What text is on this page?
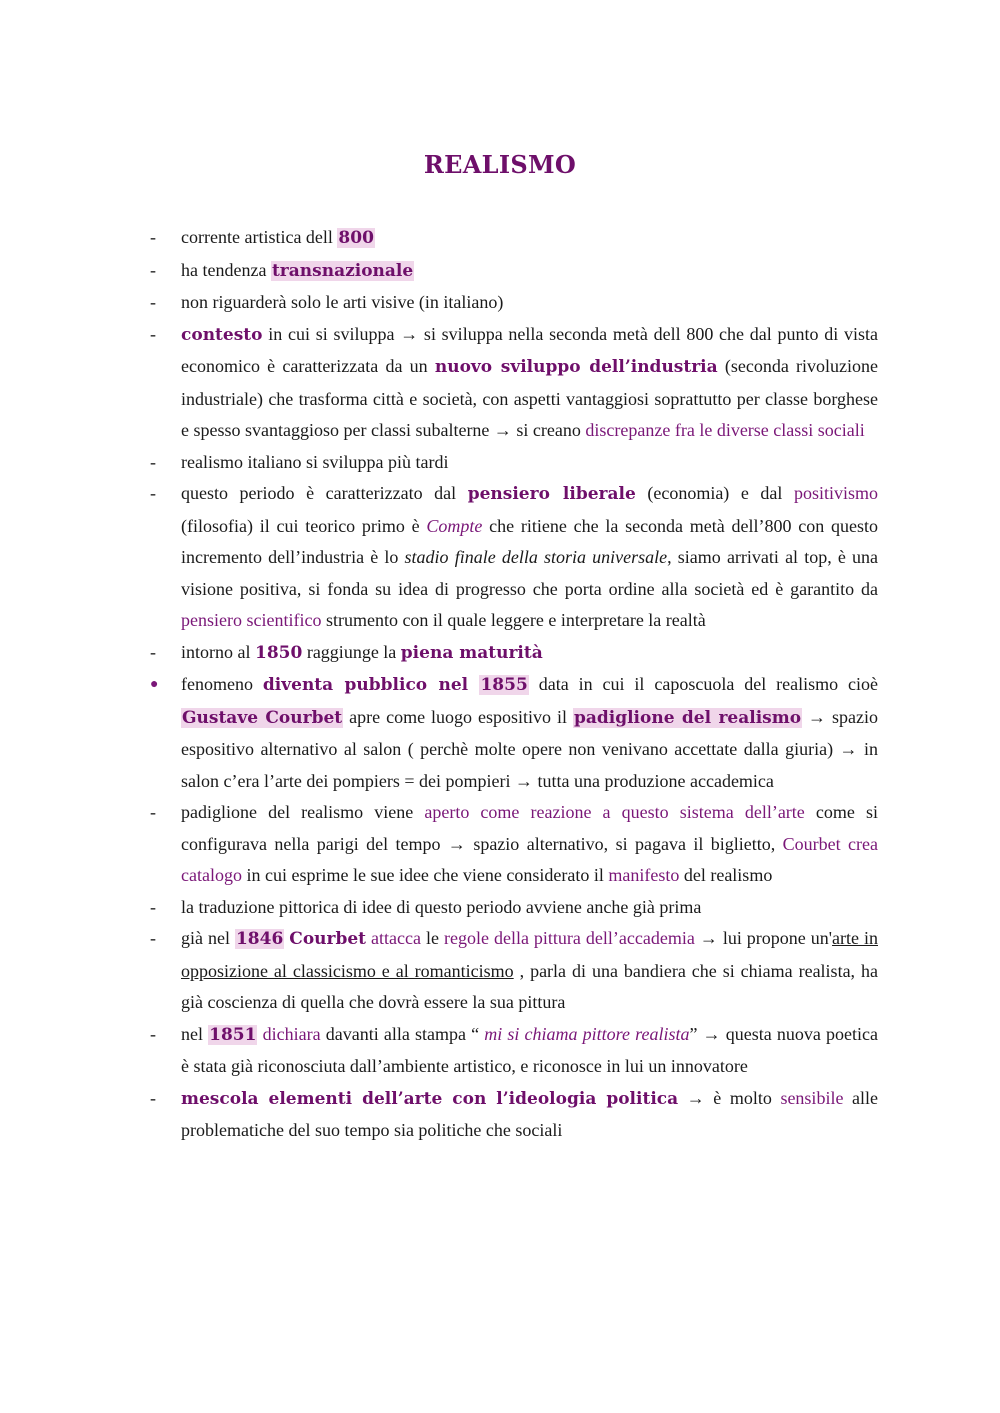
REALISMO
-	corrente artistica dell 800
-	ha tendenza transnazionale
-	non riguarderà solo le arti visive (in italiano)
-	contesto in cui si sviluppa → si sviluppa nella seconda metà dell 800 che dal punto di vista economico è caratterizzata da un nuovo sviluppo dell’industria (seconda rivoluzione industriale) che trasforma città e società, con aspetti vantaggiosi soprattutto per classe borghese e spesso svantaggioso per classi subalterne → si creano discrepanze fra le diverse classi sociali
-	realismo italiano si sviluppa più tardi
-	questo periodo è caratterizzato dal pensiero liberale (economia) e dal positivismo (filosofia) il cui teorico primo è Compte che ritiene che la seconda metà dell’800 con questo incremento dell’industria è lo stadio finale della storia universale, siamo arrivati al top, è una visione positiva, si fonda su idea di progresso che porta ordine alla società ed è garantito da pensiero scientifico strumento con il quale leggere e interpretare la realtà
-	intorno al 1850 raggiunge la piena maturità
●	fenomeno diventa pubblico nel 1855 data in cui il caposcuola del realismo cioè Gustave Courbet apre come luogo espositivo il padiglione del realismo → spazio espositivo alternativo al salon ( perchè molte opere non venivano accettate dalla giuria) → in salon c’era l’arte dei pompiers = dei pompieri → tutta una produzione accademica
-	padiglione del realismo viene aperto come reazione a questo sistema dell’arte come si configurava nella parigi del tempo → spazio alternativo, si pagava il biglietto, Courbet crea catalogo in cui esprime le sue idee che viene considerato il manifesto del realismo
-	la traduzione pittorica di idee di questo periodo avviene anche già prima
-	già nel 1846 Courbet attacca le regole della pittura dell’accademia → lui propone un'arte in opposizione al classicismo e al romanticismo , parla di una bandiera che si chiama realista, ha già coscienza di quella che dovrà essere la sua pittura
-	nel 1851 dichiara davanti alla stampa “ mi si chiama pittore realista” → questa nuova poetica è stata già riconosciuta dall’ambiente artistico, e riconosce in lui un innovatore
-	mescola elementi dell’arte con l’ideologia politica → è molto sensibile alle problematiche del suo tempo sia politiche che sociali
